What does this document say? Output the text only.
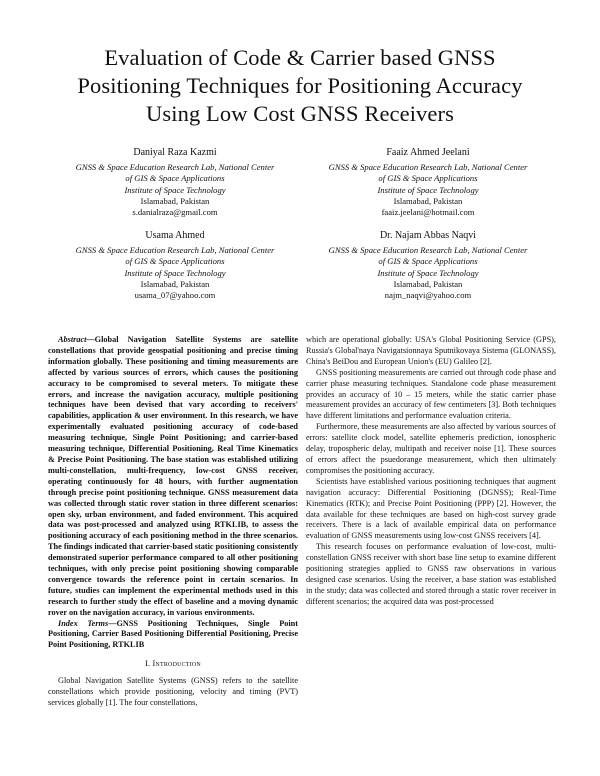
Evaluation of Code & Carrier based GNSS
Positioning Techniques for Positioning Accuracy
Using Low Cost GNSS Receivers
Daniyal Raza Kazmi
GNSS & Space Education Research Lab, National Center
of GIS & Space Applications
Institute of Space Technology
Islamabad, Pakistan
s.danialraza@gmail.com
Faaiz Ahmed Jeelani
GNSS & Space Education Research Lab, National Center
of GIS & Space Applications
Institute of Space Technology
Islamabad, Pakistan
faaiz.jeelani@hotmail.com
Usama Ahmed
GNSS & Space Education Research Lab, National Center
of GIS & Space Applications
Institute of Space Technology
Islamabad, Pakistan
usama_07@yahoo.com
Dr. Najam Abbas Naqvi
GNSS & Space Education Research Lab, National Center
of GIS & Space Applications
Institute of Space Technology
Islamabad, Pakistan
najm_naqvi@yahoo.com

Abstract—Global Navigation Satellite Systems are satellite constellations that provide geospatial positioning and precise timing information globally. These positioning and timing measurements are affected by various sources of errors, which causes the positioning accuracy to be compromised to several meters. To mitigate these errors, and increase the navigation accuracy, multiple positioning techniques have been devised that vary according to receivers' capabilities, application & user environment. In this research, we have experimentally evaluated positioning accuracy of code-based measuring technique, Single Point Positioning; and carrier-based measuring technique, Differential Positioning, Real Time Kinematics & Precise Point Positioning. The base station was established utilizing multi-constellation, multi-frequency, low-cost GNSS receiver, operating continuously for 48 hours, with further augmentation through precise point positioning technique. GNSS measurement data was collected through static rover station in three different scenarios: open sky, urban environment, and faded environment. This acquired data was post-processed and analyzed using RTKLIB, to assess the positioning accuracy of each positioning method in the three scenarios. The findings indicated that carrier-based static positioning consistently demonstrated superior performance compared to all other positioning techniques, with only precise point positioning showing comparable convergence towards the reference point in certain scenarios. In future, studies can implement the experimental methods used in this research to further study the effect of baseline and a moving dynamic rover on the navigation accuracy, in various environments.

Index Terms—GNSS Positioning Techniques, Single Point Positioning, Carrier Based Positioning Differential Positioning, Precise Point Positioning, RTKLIB

I. Introduction

Global Navigation Satellite Systems (GNSS) refers to the satellite constellations which provide positioning, velocity and timing (PVT) services globally [1]. The four constellations,

which are operational globally: USA's Global Positioning Service (GPS), Russia's Global'naya Navigatsionnaya Sputnikovaya Sistema (GLONASS), China's BeiDou and European Union's (EU) Galileo [2].

GNSS positioning measurements are carried out through code phase and carrier phase measuring techniques. Standalone code phase measurement provides an accuracy of 10 – 15 meters, while the static carrier phase measurement provides an accuracy of few centimeters [3]. Both techniques have different limitations and performance evaluation criteria.

Furthermore, these measurements are also affected by various sources of errors: satellite clock model, satellite ephemeris prediction, ionospheric delay, tropospheric delay, multipath and receiver noise [1]. These sources of errors affect the psuedorange measurement, which then ultimately compromises the positioning accuracy.

Scientists have established various positioning techniques that augment navigation accuracy: Differential Positioning (DGNSS); Real-Time Kinematics (RTK); and Precise Point Positioning (PPP) [2]. However, the data available for these techniques are based on high-cost survey grade receivers. There is a lack of available empirical data on performance evaluation of GNSS measurements using low-cost GNSS receivers [4].

This research focuses on performance evaluation of low-cost, multi-constellation GNSS receiver with short base line setup to examine different positioning strategies applied to GNSS raw observations in various designed case scenarios. Using the receiver, a base station was established in the study; data was collected and stored through a static rover receiver in different scenarios; the acquired data was post-processed
